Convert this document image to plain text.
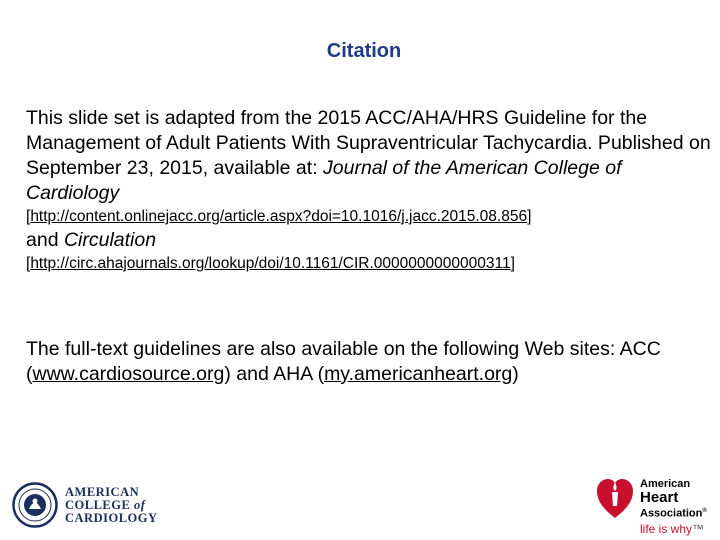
Citation

This slide set is adapted from the 2015 ACC/AHA/HRS Guideline for the Management of Adult Patients With Supraventricular Tachycardia. Published on September 23, 2015, available at: Journal of the American College of Cardiology

[http://content.onlinejacc.org/article.aspx?doi=10.1016/j.jacc.2015.08.856]

and Circulation

[http://circ.ahajournals.org/lookup/doi/10.1161/CIR.0000000000000311]

The full-text guidelines are also available on the following Web sites: ACC (www.cardiosource.org) and AHA (my.americanheart.org)

AMERICAN
COLLEGE of
CARDIOLOGY
American
Heart
Association®
life is why™
